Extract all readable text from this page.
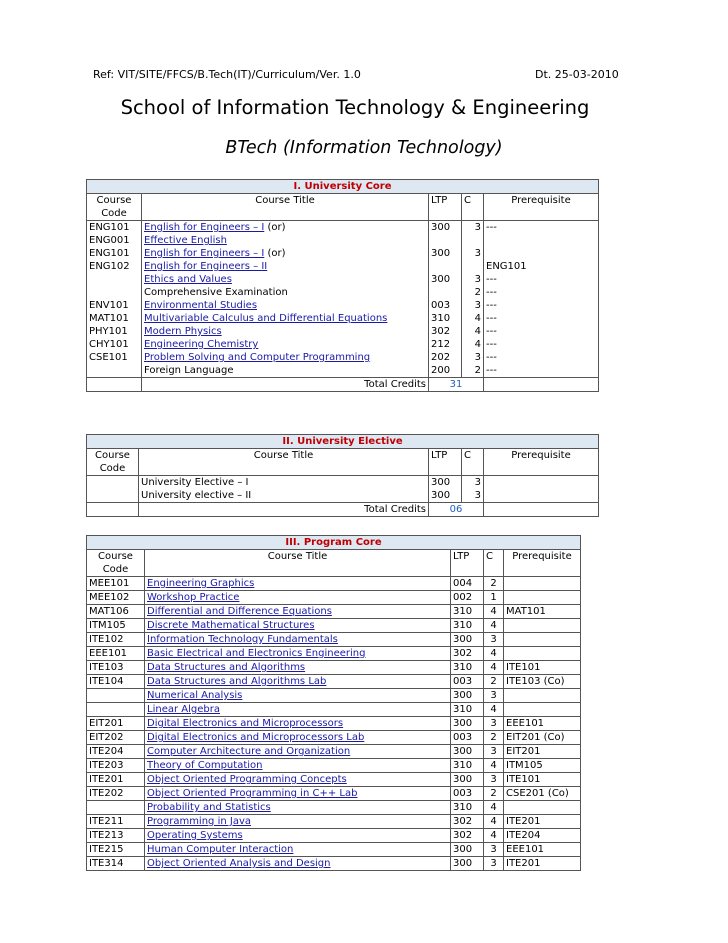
Ref: VIT/SITE/FFCS/B.Tech(IT)/Curriculum/Ver. 1.0	Dt. 25-03-2010
School of Information Technology & Engineering
BTech (Information Technology)
I. University Core				

Course
Code	Course Title	LTP	C	Prerequisite
ENG101	English for Engineers – I (or)	300	3	---
ENG001	Effective English			
ENG101	English for Engineers – I (or)	300	3	
ENG102	English for Engineers – II			ENG101
	Ethics and Values	300	3	---
	Comprehensive Examination		2	---
ENV101	Environmental Studies	003	3	---
MAT101	Multivariable Calculus and Differential Equations	310	4	---
PHY101	Modern Physics	302	4	---
CHY101	Engineering Chemistry	212	4	---
CSE101	Problem Solving and Computer Programming	202	3	---
	Foreign Language	200	2	---
	Total Credits	31		
II. University Elective				

Course
Code	Course Title	LTP	C	Prerequisite
	University Elective – I	300	3	
	University elective – II	300	3	
	Total Credits	06		
III. Program Core				

Course
Code	Course Title	LTP	C	Prerequisite
MEE101	Engineering Graphics	004	2	
MEE102	Workshop Practice	002	1	
MAT106	Differential and Difference Equations	310	4	MAT101
ITM105	Discrete Mathematical Structures	310	4	
ITE102	Information Technology Fundamentals	300	3	
EEE101	Basic Electrical and Electronics Engineering	302	4	
ITE103	Data Structures and Algorithms	310	4	ITE101
ITE104	Data Structures and Algorithms Lab	003	2	ITE103 (Co)
	Numerical Analysis	300	3	
	Linear Algebra	310	4	
EIT201	Digital Electronics and Microprocessors	300	3	EEE101
EIT202	Digital Electronics and Microprocessors Lab	003	2	EIT201 (Co)
ITE204	Computer Architecture and Organization	300	3	EIT201
ITE203	Theory of Computation	310	4	ITM105
ITE201	Object Oriented Programming Concepts	300	3	ITE101
ITE202	Object Oriented Programming in C++ Lab	003	2	CSE201 (Co)
	Probability and Statistics	310	4	
ITE211	Programming in Java	302	4	ITE201
ITE213	Operating Systems	302	4	ITE204
ITE215	Human Computer Interaction	300	3	EEE101
ITE314	Object Oriented Analysis and Design	300	3	ITE201
